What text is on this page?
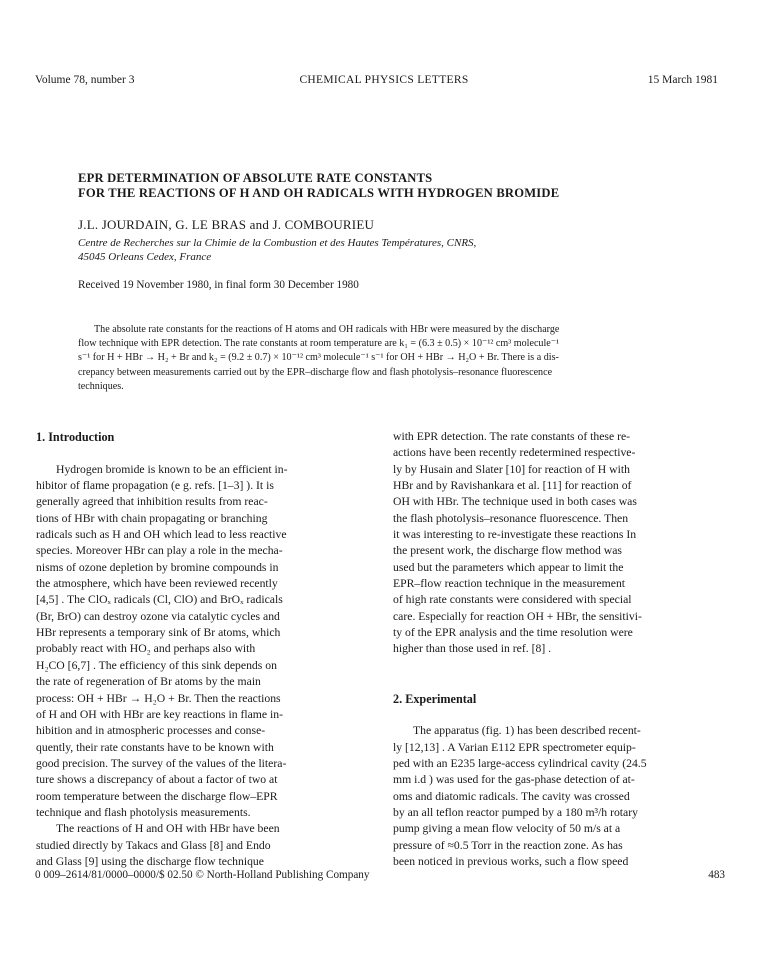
Volume 78, number 3	CHEMICAL PHYSICS LETTERS	15 March 1981
EPR DETERMINATION OF ABSOLUTE RATE CONSTANTS
FOR THE REACTIONS OF H AND OH RADICALS WITH HYDROGEN BROMIDE
J.L. JOURDAIN, G. LE BRAS and J. COMBOURIEU
Centre de Recherches sur la Chimie de la Combustion et des Hautes Températures, CNRS,
45045 Orleans Cedex, France
Received 19 November 1980, in final form 30 December 1980
The absolute rate constants for the reactions of H atoms and OH radicals with HBr were measured by the discharge
flow technique with EPR detection. The rate constants at room temperature are k₁ = (6.3 ± 0.5) × 10⁻¹² cm³ molecule⁻¹
s⁻¹ for H + HBr → H₂ + Br and k₂ = (9.2 ± 0.7) × 10⁻¹² cm³ molecule⁻¹ s⁻¹ for OH + HBr → H₂O + Br. There is a dis-
crepancy between measurements carried out by the EPR–discharge flow and flash photolysis–resonance fluorescence
techniques.
1. Introduction
Hydrogen bromide is known to be an efficient in-
hibitor of flame propagation (e g. refs. [1–3] ). It is
generally agreed that inhibition results from reac-
tions of HBr with chain propagating or branching
radicals such as H and OH which lead to less reactive
species. Moreover HBr can play a role in the mecha-
nisms of ozone depletion by bromine compounds in
the atmosphere, which have been reviewed recently
[4,5] . The ClOₓ radicals (Cl, ClO) and BrOₓ radicals
(Br, BrO) can destroy ozone via catalytic cycles and
HBr represents a temporary sink of Br atoms, which
probably react with HO₂ and perhaps also with
H₂CO [6,7] . The efficiency of this sink depends on
the rate of regeneration of Br atoms by the main
process: OH + HBr → H₂O + Br. Then the reactions
of H and OH with HBr are key reactions in flame in-
hibition and in atmospheric processes and conse-
quently, their rate constants have to be known with
good precision. The survey of the values of the litera-
ture shows a discrepancy of about a factor of two at
room temperature between the discharge flow–EPR
technique and flash photolysis measurements.
The reactions of H and OH with HBr have been
studied directly by Takacs and Glass [8] and Endo
and Glass [9] using the discharge flow technique
with EPR detection. The rate constants of these re-
actions have been recently redetermined respective-
ly by Husain and Slater [10] for reaction of H with
HBr and by Ravishankara et al. [11] for reaction of
OH with HBr. The technique used in both cases was
the flash photolysis–resonance fluorescence. Then
it was interesting to re-investigate these reactions In
the present work, the discharge flow method was
used but the parameters which appear to limit the
EPR–flow reaction technique in the measurement
of high rate constants were considered with special
care. Especially for reaction OH + HBr, the sensitivi-
ty of the EPR analysis and the time resolution were
higher than those used in ref. [8] .
2. Experimental
The apparatus (fig. 1) has been described recent-
ly [12,13] . A Varian E112 EPR spectrometer equip-
ped with an E235 large-access cylindrical cavity (24.5
mm i.d ) was used for the gas-phase detection of at-
oms and diatomic radicals. The cavity was crossed
by an all teflon reactor pumped by a 180 m³/h rotary
pump giving a mean flow velocity of 50 m/s at a
pressure of ≈0.5 Torr in the reaction zone. As has
been noticed in previous works, such a flow speed
0 009–2614/81/0000–0000/$ 02.50 © North-Holland Publishing Company	483
